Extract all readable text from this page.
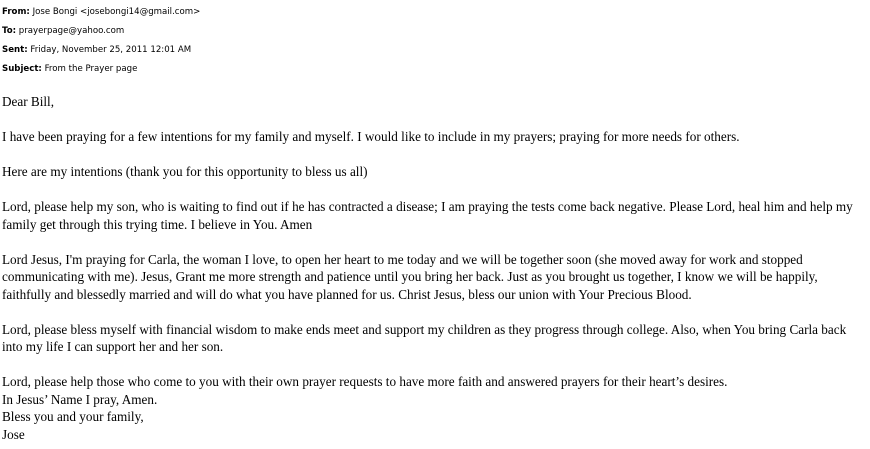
From: Jose Bongi <josebongi14@gmail.com>
To: prayerpage@yahoo.com
Sent: Friday, November 25, 2011 12:01 AM
Subject: From the Prayer page

Dear Bill,

I have been praying for a few intentions for my family and myself. I would like to include in my prayers; praying for more needs for others.

Here are my intentions (thank you for this opportunity to bless us all)

Lord, please help my son, who is waiting to find out if he has contracted a disease; I am praying the tests come back negative. Please Lord, heal him and help my
family get through this trying time. I believe in You. Amen

Lord Jesus, I'm praying for Carla, the woman I love, to open her heart to me today and we will be together soon (she moved away for work and stopped
communicating with me). Jesus, Grant me more strength and patience until you bring her back. Just as you brought us together, I know we will be happily,
faithfully and blessedly married and will do what you have planned for us. Christ Jesus, bless our union with Your Precious Blood.

Lord, please bless myself with financial wisdom to make ends meet and support my children as they progress through college. Also, when You bring Carla back
into my life I can support her and her son.

Lord, please help those who come to you with their own prayer requests to have more faith and answered prayers for their heart’s desires.
In Jesus’ Name I pray, Amen.
Bless you and your family,
Jose
